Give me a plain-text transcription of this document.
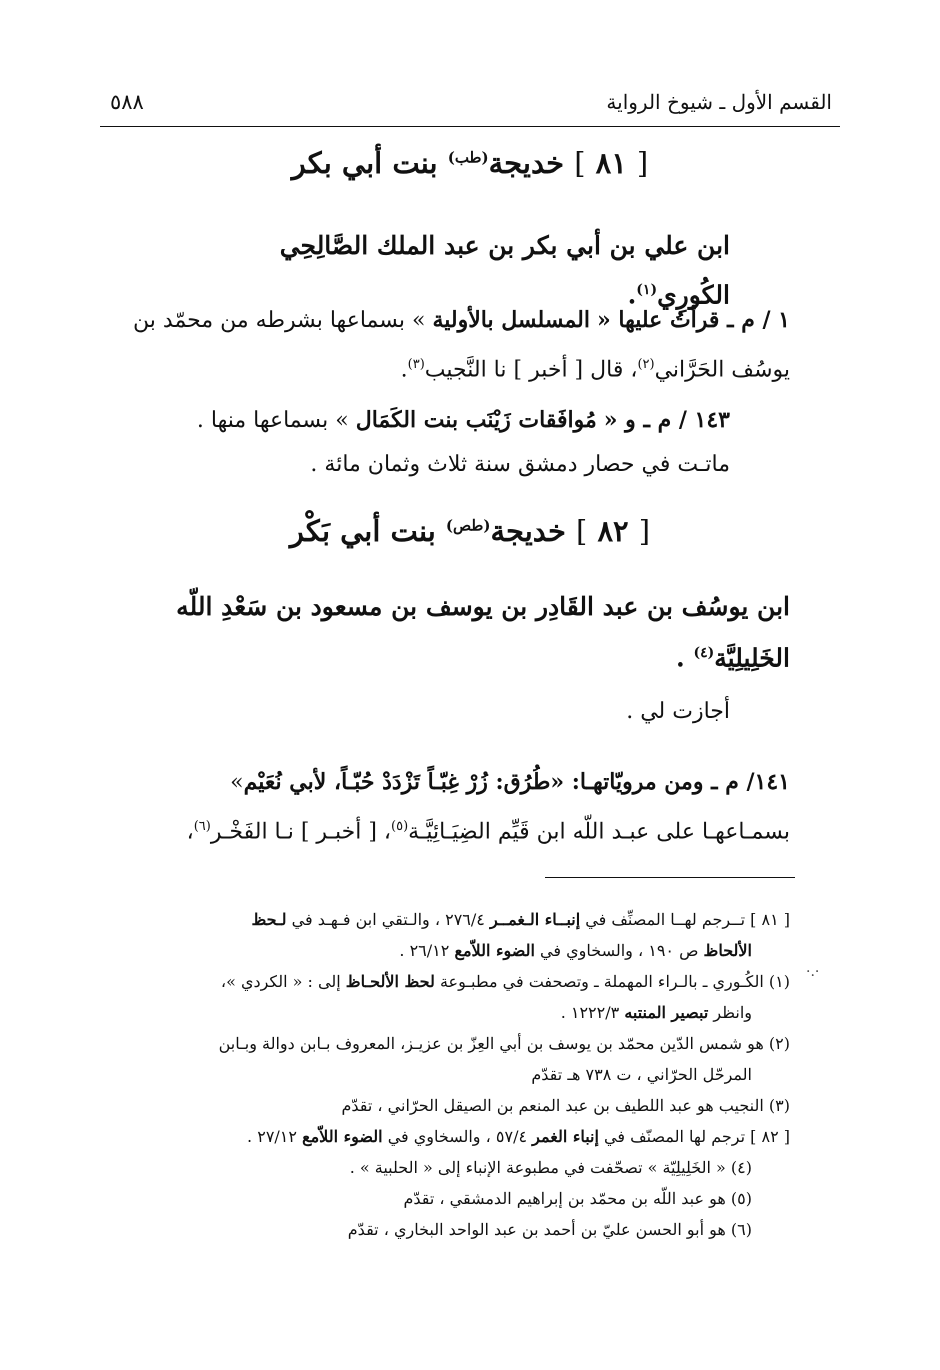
القسم الأول ـ شيوخ الرواية
٥٨٨
[ ٨١ ] خديجة$^{(طب)}$ بنت أبي بكر
ابن علي بن أبي بكر بن عبد الملك الصَّالِحِي الكُورِي$^{(١)}$.
١ / م ـ قرأتُ عليها « المسلسل بالأولية » بسماعها بشرطه من محمّد بن
يوسُف الحَرَّاني$^{(٢)}$، قال [ أخبر ] نا النَّجيب$^{(٣)}$.
١٤٣ / م ـ و « مُوافَقات زَيْنَب بنت الكَمَال » بسماعها منها .
ماتـت في حصار دمشق سنة ثلاث وثمان مائة .
[ ٨٢ ] خديجة$^{(طص)}$ بنت أبي بَكْر
ابن يوسُف بن عبد القَادِر بن يوسف بن مسعود بن سَعْدِ اللّه
الخَلِيلِيَّة$^{(٤)}$ .
أجازت لي .
١٤١/ م ـ ومن مرويّاتهـا: «طُرُق: زُرْ غِبّـاً تَزْدَدْ حُبّـاً، لأبي نُعَيْم»
بسمـاعهـا على عبـد اللّه ابن قَيِّم الضِيَـائِيَّـة$^{(٥)}$، [ أخبـر ] نـا الفَخْـر$^{(٦)}$،

[ ٨١ ] تــرجم لهــا المصنِّف في إنبــاء الـغمــر ٢٧٦/٤ ، والـتقي ابن فـهـد في لـحظ
الألحاظ ص ١٩٠ ، والسخاوي في الضوء اللاّمع ٢٦/١٢ .

(١) الكُـوري ـ بالـراء المهملة ـ وتصحفت في مطبـوعة لحظ الألحـاظ إلى : « الكردي »،
وانظر تبصير المنتبه ١٢٢٢/٣ .

(٢) هو شمس الدّين محمّد بن يوسف بن أبي العِزّ بن عزيـز، المعروف بـابن دوالة وبـابن
المرحّل الحرّاني ، ت ٧٣٨ هـ تقدّم

(٣) النجيب هو عبد اللطيف بن عبد المنعم بن الصيقل الحرّاني ، تقدّم

[ ٨٢ ] ترجم لها المصنّف في إنباء الغمر ٥٧/٤ ، والسخاوي في الضوء اللاّمع ٢٧/١٢ .

(٤) « الخَلِيلِيّة » تصحّفت في مطبوعة الإنباء إلى « الحلبية » .

(٥) هو عبد اللّه بن محمّد بن إبراهيم الدمشقي ، تقدّم

(٦) هو أبو الحسن عليّ بن أحمد بن عبد الواحد البخاري ، تقدّم

·.·
